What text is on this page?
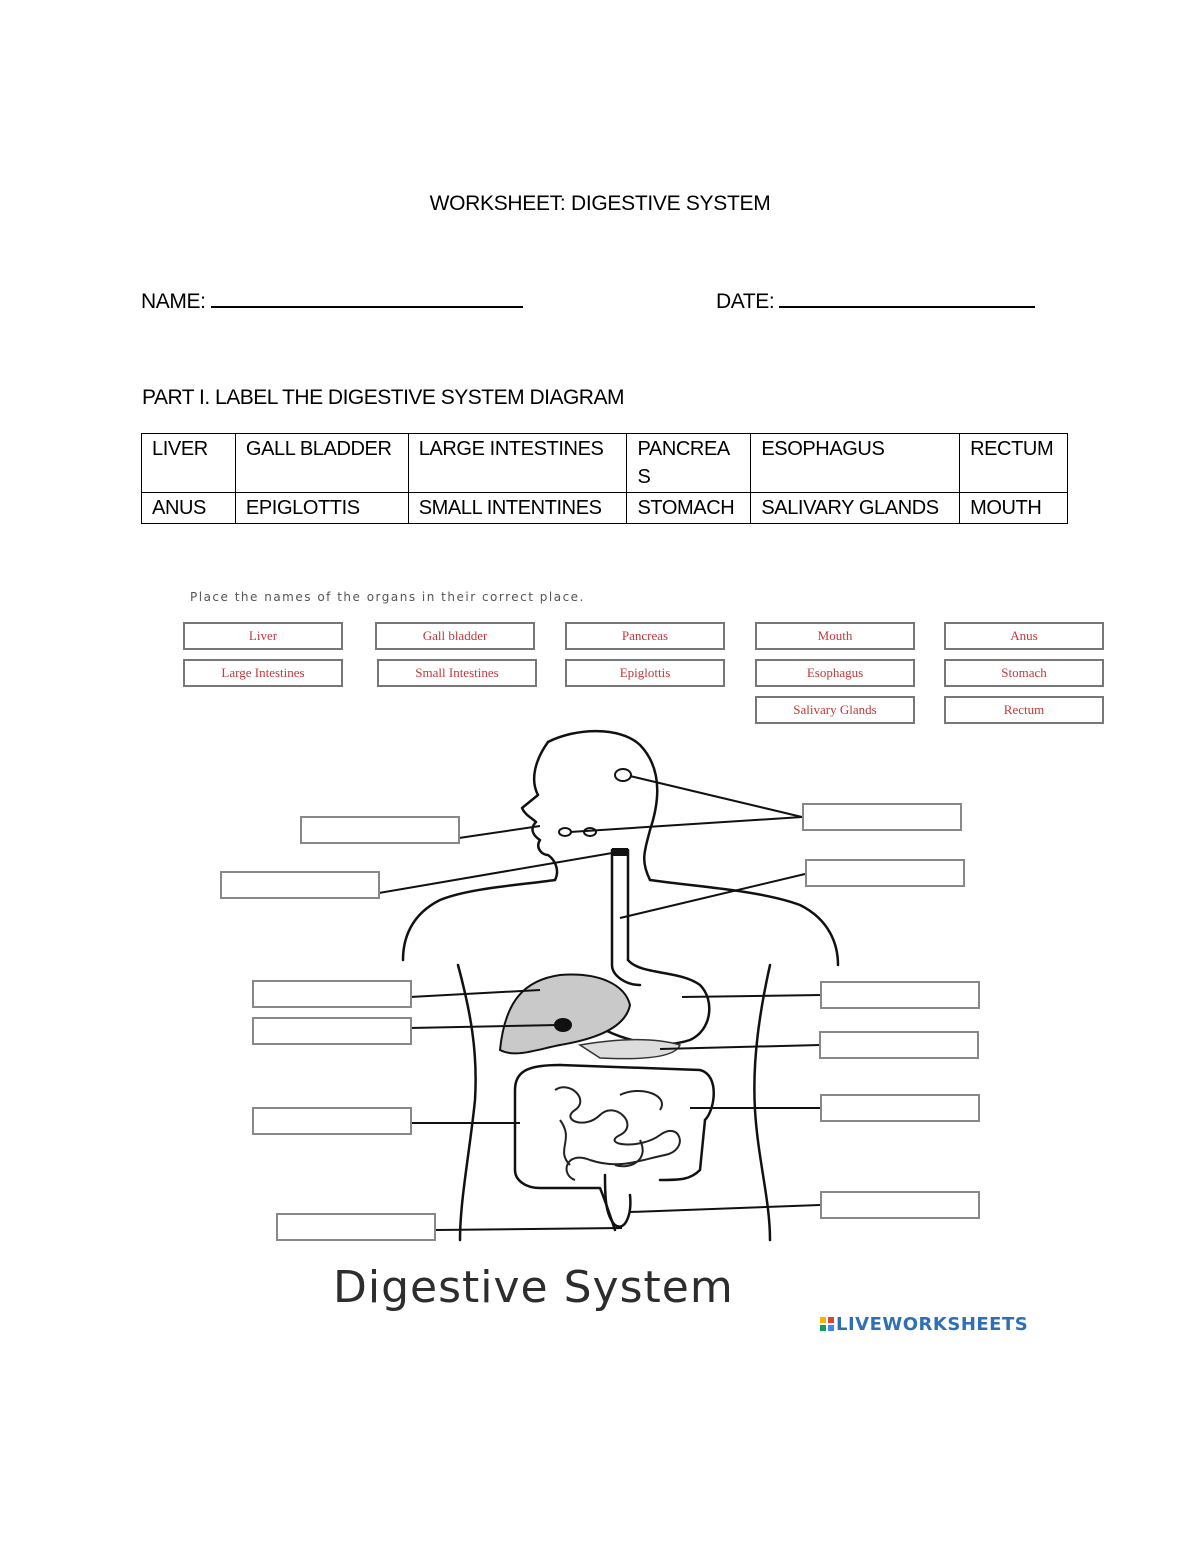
WORKSHEET: DIGESTIVE SYSTEM
NAME:	DATE:
PART I. LABEL THE DIGESTIVE SYSTEM DIAGRAM
LIVER	GALL BLADDER	LARGE INTESTINES	PANCREAS	ESOPHAGUS	RECTUM
ANUS	EPIGLOTTIS	SMALL INTENTINES	STOMACH	SALIVARY GLANDS	MOUTH
Place the names of the organs in their correct place.
Liver	Gall bladder	Pancreas	Mouth	Anus
Large Intestines	Small Intestines	Epiglottis	Esophagus	Stomach
Salivary Glands	Rectum
Digestive System
LIVEWORKSHEETS
